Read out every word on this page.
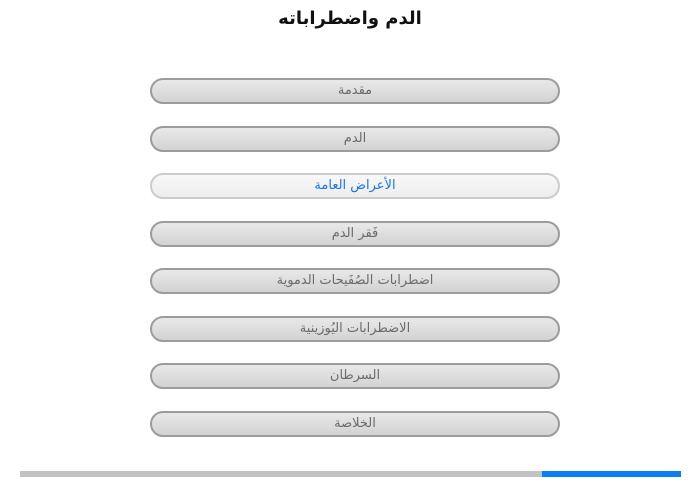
الدم واضطراباته
مقدمة
الدم
الأعراض العامة
فَقر الدم
اضطرابات الصُفَيحات الدموية
الاضطرابات اليُوزينية
السرطان
الخلاصة
